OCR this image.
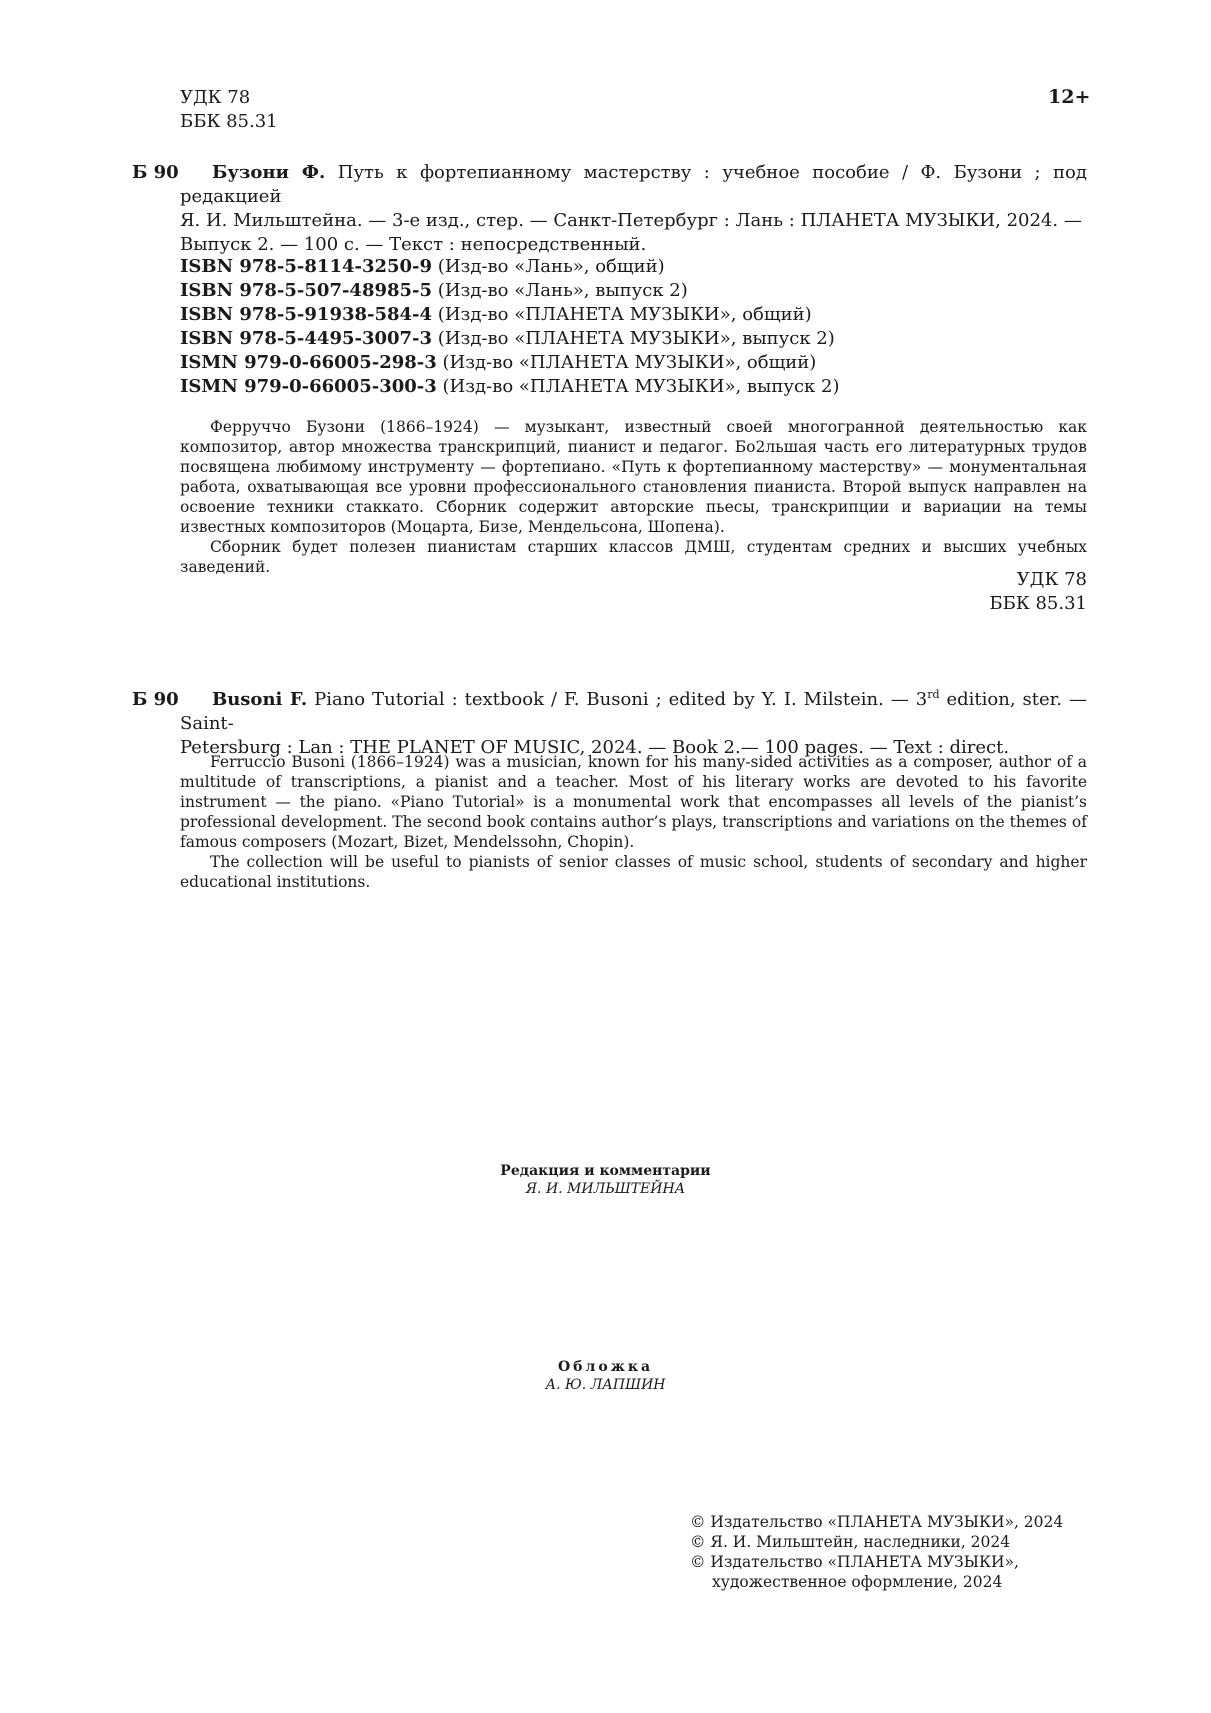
УДК 78
ББК 85.31
12+
Б 90	Бузони Ф. Путь к фортепианному мастерству : учебное пособие / Ф. Бузони ; под редакцией

Я. И. Мильштейна. — 3-е изд., стер. — Санкт-Петербург : Лань : ПЛАНЕТА МУЗЫКИ, 2024. —

Выпуск 2. — 100 с. — Текст : непосредственный.

ISBN 978-5-8114-3250-9 (Изд-во «Лань», общий)
ISBN 978-5-507-48985-5 (Изд-во «Лань», выпуск 2)
ISBN 978-5-91938-584-4 (Изд-во «ПЛАНЕТА МУЗЫКИ», общий)
ISBN 978-5-4495-3007-3 (Изд-во «ПЛАНЕТА МУЗЫКИ», выпуск 2)
ISMN 979-0-66005-298-3 (Изд-во «ПЛАНЕТА МУЗЫКИ», общий)
ISMN 979-0-66005-300-3 (Изд-во «ПЛАНЕТА МУЗЫКИ», выпуск 2)

Ферруччо Бузони (1866–1924) — музыкант, известный своей многогранной деятельностью как композитор, автор множества транскрипций, пианист и педагог. Бо2льшая часть его литературных трудов посвящена любимому инструменту — фортепиано. «Путь к фортепианному мастерству» — монументальная работа, охватывающая все уровни профессионального становления пианиста. Второй выпуск направлен на освоение техники стаккато. Сборник содержит авторские пьесы, транскрипции и вариации на темы известных композиторов (Моцарта, Бизе, Мендельсона, Шопена).

Сборник будет полезен пианистам старших классов ДМШ, студентам средних и высших учебных заведений.

УДК 78
ББК 85.31
Б 90	Busoni F. Piano Tutorial : textbook / F. Busoni ; edited by Y. I. Milstein. — 3rd edition, ster. — Saint-

Petersburg : Lan : THE PLANET OF MUSIC, 2024. — Book 2.— 100 pages. — Text : direct.

Ferruccio Busoni (1866–1924) was a musician, known for his many-sided activities as a composer, author of a multitude of transcriptions, a pianist and a teacher. Most of his literary works are devoted to his favorite instrument — the piano. «Piano Tutorial» is a monumental work that encompasses all levels of the pianist’s professional development. The second book contains author’s plays, transcriptions and variations on the themes of famous composers (Mozart, Bizet, Mendelssohn, Chopin).

The collection will be useful to pianists of senior classes of music school, students of secondary and higher educational institutions.

Редакция и комментарии
Я. И. МИЛЬШТЕЙНА
Обложка
А. Ю. ЛАПШИН
© Издательство «ПЛАНЕТА МУЗЫКИ», 2024
© Я. И. Мильштейн, наследники, 2024
© Издательство «ПЛАНЕТА МУЗЫКИ»,
художественное оформление, 2024
